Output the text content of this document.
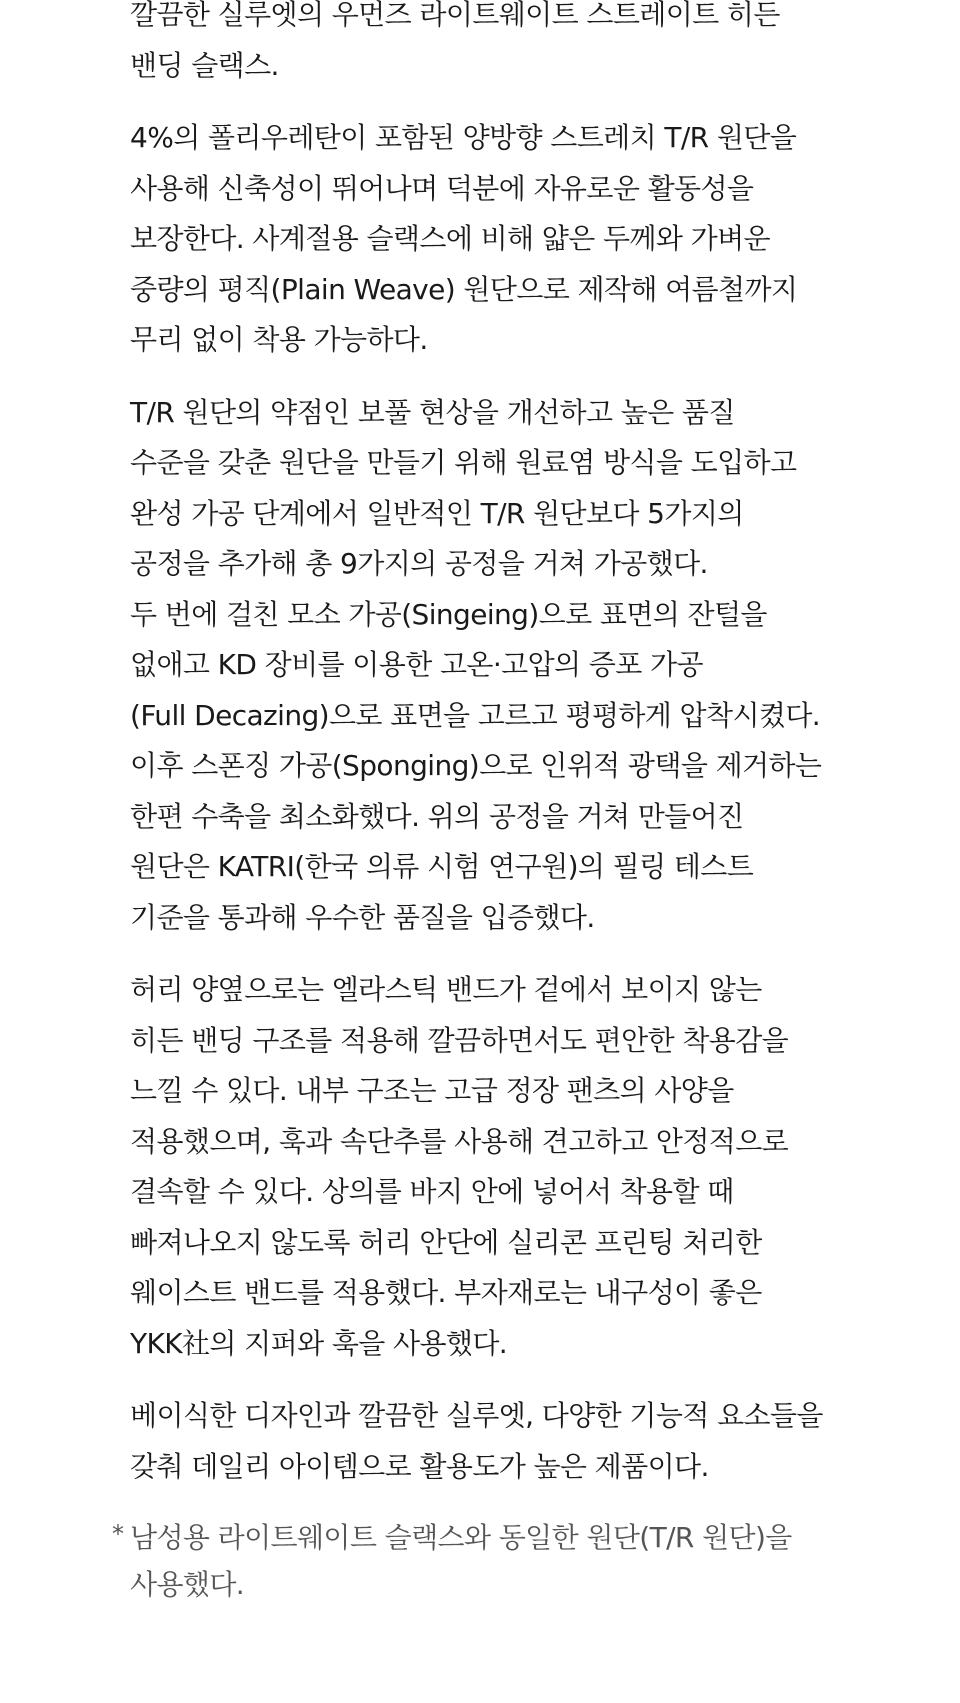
깔끔한 실루엣의 우먼즈 라이트웨이트 스트레이트 히든
밴딩 슬랙스.
4%의 폴리우레탄이 포함된 양방향 스트레치 T/R 원단을
사용해 신축성이 뛰어나며 덕분에 자유로운 활동성을
보장한다. 사계절용 슬랙스에 비해 얇은 두께와 가벼운
중량의 평직(Plain Weave) 원단으로 제작해 여름철까지
무리 없이 착용 가능하다.
T/R 원단의 약점인 보풀 현상을 개선하고 높은 품질
수준을 갖춘 원단을 만들기 위해 원료염 방식을 도입하고
완성 가공 단계에서 일반적인 T/R 원단보다 5가지의
공정을 추가해 총 9가지의 공정을 거쳐 가공했다.
두 번에 걸친 모소 가공(Singeing)으로 표면의 잔털을
없애고 KD 장비를 이용한 고온·고압의 증포 가공
(Full Decazing)으로 표면을 고르고 평평하게 압착시켰다.
이후 스폰징 가공(Sponging)으로 인위적 광택을 제거하는
한편 수축을 최소화했다. 위의 공정을 거쳐 만들어진
원단은 KATRI(한국 의류 시험 연구원)의 필링 테스트
기준을 통과해 우수한 품질을 입증했다.
허리 양옆으로는 엘라스틱 밴드가 겉에서 보이지 않는
히든 밴딩 구조를 적용해 깔끔하면서도 편안한 착용감을
느낄 수 있다. 내부 구조는 고급 정장 팬츠의 사양을
적용했으며, 훅과 속단추를 사용해 견고하고 안정적으로
결속할 수 있다. 상의를 바지 안에 넣어서 착용할 때
빠져나오지 않도록 허리 안단에 실리콘 프린팅 처리한
웨이스트 밴드를 적용했다. 부자재로는 내구성이 좋은
YKK社의 지퍼와 훅을 사용했다.
베이식한 디자인과 깔끔한 실루엣, 다양한 기능적 요소들을
갖춰 데일리 아이템으로 활용도가 높은 제품이다.
* 남성용 라이트웨이트 슬랙스와 동일한 원단(T/R 원단)을
사용했다.
